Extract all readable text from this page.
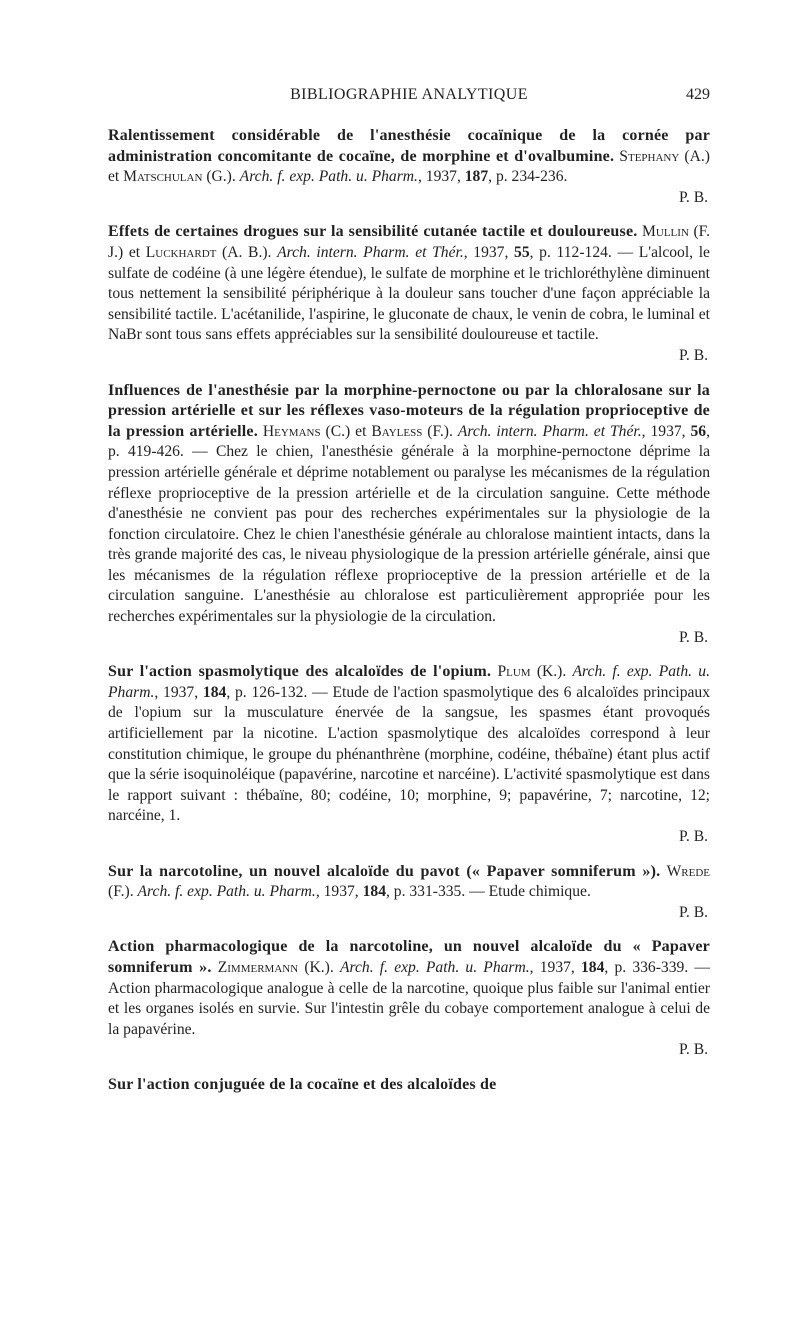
BIBLIOGRAPHIE ANALYTIQUE	429

Ralentissement considérable de l'anesthésie cocaïnique de la cornée par administration concomitante de cocaïne, de morphine et d'ovalbumine. Stephany (A.) et Matschulan (G.). Arch. f. exp. Path. u. Pharm., 1937, 187, p. 234-236.
P. B.

Effets de certaines drogues sur la sensibilité cutanée tactile et douloureuse. Mullin (F. J.) et Luckhardt (A. B.). Arch. intern. Pharm. et Thér., 1937, 55, p. 112-124. — L'alcool, le sulfate de codéine (à une légère étendue), le sulfate de morphine et le trichloréthylène diminuent tous nettement la sensibilité périphérique à la douleur sans toucher d'une façon appréciable la sensibilité tactile. L'acétanilide, l'aspirine, le gluconate de chaux, le venin de cobra, le luminal et NaBr sont tous sans effets appréciables sur la sensibilité douloureuse et tactile.
P. B.

Influences de l'anesthésie par la morphine-pernoctone ou par la chloralosane sur la pression artérielle et sur les réflexes vaso-moteurs de la régulation proprioceptive de la pression artérielle. Heymans (C.) et Bayless (F.). Arch. intern. Pharm. et Thér., 1937, 56, p. 419-426. — Chez le chien, l'anesthésie générale à la morphine-pernoctone déprime la pression artérielle générale et déprime notablement ou paralyse les mécanismes de la régulation réflexe proprioceptive de la pression artérielle et de la circulation sanguine. Cette méthode d'anesthésie ne convient pas pour des recherches expérimentales sur la physiologie de la fonction circulatoire. Chez le chien l'anesthésie générale au chloralose maintient intacts, dans la très grande majorité des cas, le niveau physiologique de la pression artérielle générale, ainsi que les mécanismes de la régulation réflexe proprioceptive de la pression artérielle et de la circulation sanguine. L'anesthésie au chloralose est particulièrement appropriée pour les recherches expérimentales sur la physiologie de la circulation.
P. B.

Sur l'action spasmolytique des alcaloïdes de l'opium. Plum (K.). Arch. f. exp. Path. u. Pharm., 1937, 184, p. 126-132. — Etude de l'action spasmolytique des 6 alcaloïdes principaux de l'opium sur la musculature énervée de la sangsue, les spasmes étant provoqués artificiellement par la nicotine. L'action spasmolytique des alcaloïdes correspond à leur constitution chimique, le groupe du phénanthrène (morphine, codéine, thébaïne) étant plus actif que la série isoquinoléique (papavérine, narcotine et narcéine). L'activité spasmolytique est dans le rapport suivant : thébaïne, 80; codéine, 10; morphine, 9; papavérine, 7; narcotine, 12; narcéine, 1.
P. B.

Sur la narcotoline, un nouvel alcaloïde du pavot (« Papaver somniferum »). Wrede (F.). Arch. f. exp. Path. u. Pharm., 1937, 184, p. 331-335. — Etude chimique.
P. B.

Action pharmacologique de la narcotoline, un nouvel alcaloïde du « Papaver somniferum ». Zimmermann (K.). Arch. f. exp. Path. u. Pharm., 1937, 184, p. 336-339. — Action pharmacologique analogue à celle de la narcotine, quoique plus faible sur l'animal entier et les organes isolés en survie. Sur l'intestin grêle du cobaye comportement analogue à celui de la papavérine.
P. B.

Sur l'action conjuguée de la cocaïne et des alcaloïdes de
